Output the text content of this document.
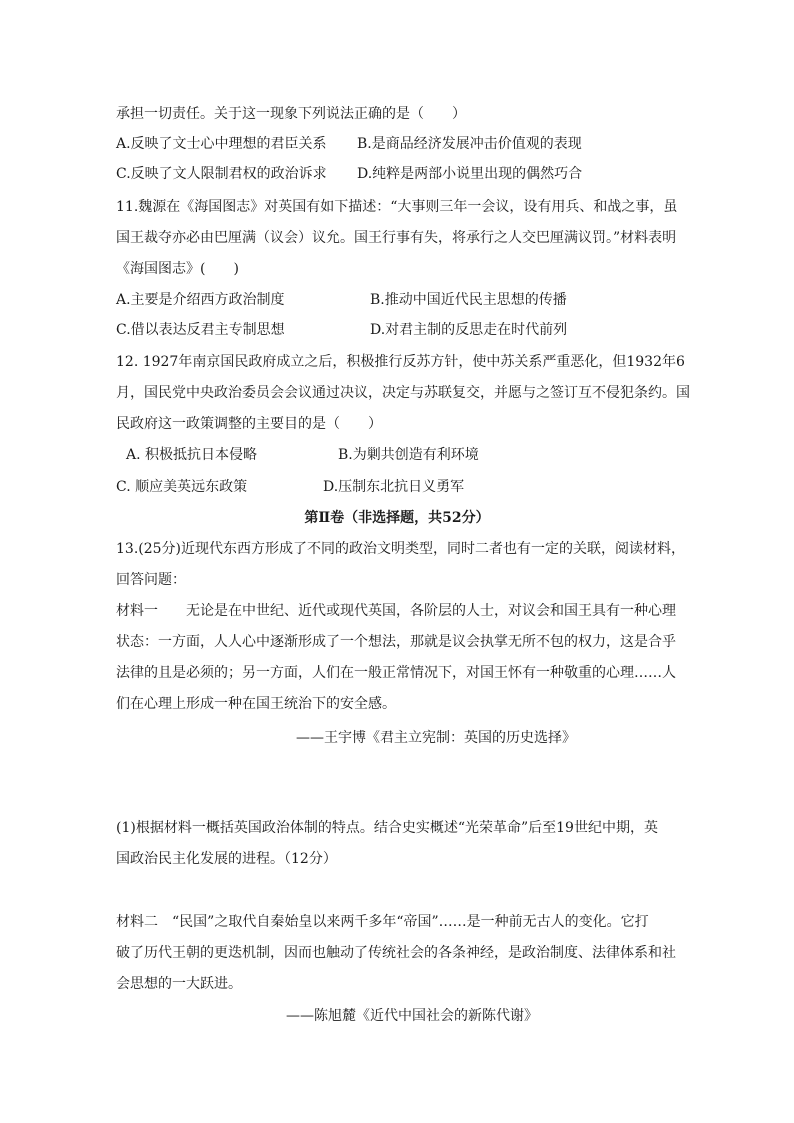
承担一切责任。关于这一现象下列说法正确的是（　　）
A.反映了文士心中理想的君臣关系 B.是商品经济发展冲击价值观的表现
C.反映了文人限制君权的政治诉求 D.纯粹是两部小说里出现的偶然巧合
11.魏源在《海国图志》对英国有如下描述：“大事则三年一会议，设有用兵、和战之事，虽
国王裁夺亦必由巴厘满（议会）议允。国王行事有失，将承行之人交巴厘满议罚。”材料表明
《海国图志》(　　)
A.主要是介绍西方政治制度	B.推动中国近代民主思想的传播
C.借以表达反君主专制思想	D.对君主制的反思走在时代前列
12. 1927年南京国民政府成立之后，积极推行反苏方针，使中苏关系严重恶化，但1932年6
月，国民党中央政治委员会会议通过决议，决定与苏联复交，并愿与之签订互不侵犯条约。国
民政府这一政策调整的主要目的是（　　）
A. 积极抵抗日本侵略	B.为剿共创造有利环境
C. 顺应美英远东政策	D.压制东北抗日义勇军
第Ⅱ卷（非选择题，共52分）
13.(25分)近现代东西方形成了不同的政治文明类型，同时二者也有一定的关联，阅读材料，
回答问题：
材料一　　无论是在中世纪、近代或现代英国，各阶层的人士，对议会和国王具有一种心理
状态：一方面，人人心中逐渐形成了一个想法，那就是议会执掌无所不包的权力，这是合乎
法律的且是必须的；另一方面，人们在一般正常情况下，对国王怀有一种敬重的心理……人
们在心理上形成一种在国王统治下的安全感。
——王宇博《君主立宪制：英国的历史选择》
(1)根据材料一概括英国政治体制的特点。结合史实概述“光荣革命”后至19世纪中期，英
国政治民主化发展的进程。（12分）
材料二　“民国”之取代自秦始皇以来两千多年“帝国”……是一种前无古人的变化。它打
破了历代王朝的更迭机制，因而也触动了传统社会的各条神经，是政治制度、法律体系和社
会思想的一大跃进。
——陈旭麓《近代中国社会的新陈代谢》
